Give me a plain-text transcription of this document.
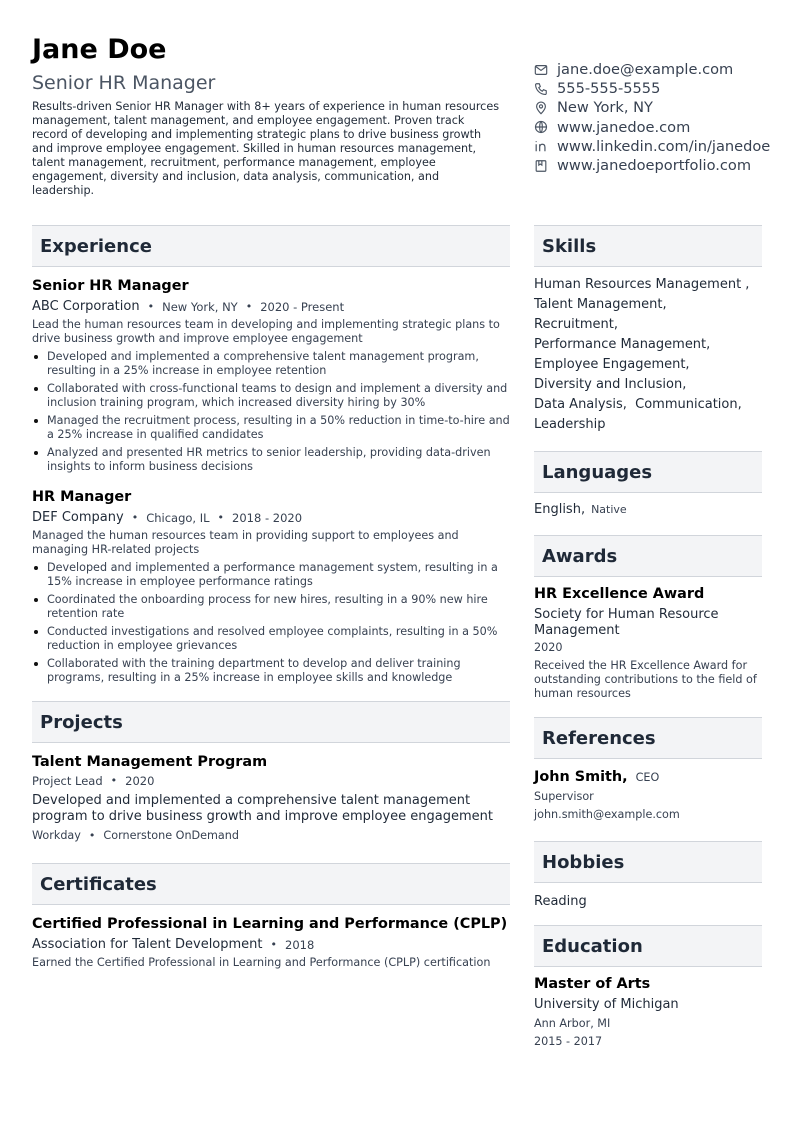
Jane Doe
Senior HR Manager
Results-driven Senior HR Manager with 8+ years of experience in human resources management, talent management, and employee engagement. Proven track record of developing and implementing strategic plans to drive business growth and improve employee engagement. Skilled in human resources management, talent management, recruitment, performance management, employee engagement, diversity and inclusion, data analysis, communication, and leadership.
jane.doe@example.com
555-555-5555
New York, NY
www.janedoe.com
www.linkedin.com/in/janedoe
www.janedoeportfolio.com
Experience
Senior HR Manager
ABC Corporation • New York, NY • 2020 - Present
Lead the human resources team in developing and implementing strategic plans to drive business growth and improve employee engagement
Developed and implemented a comprehensive talent management program, resulting in a 25% increase in employee retention
Collaborated with cross-functional teams to design and implement a diversity and inclusion training program, which increased diversity hiring by 30%
Managed the recruitment process, resulting in a 50% reduction in time-to-hire and a 25% increase in qualified candidates
Analyzed and presented HR metrics to senior leadership, providing data-driven insights to inform business decisions
HR Manager
DEF Company • Chicago, IL • 2018 - 2020
Managed the human resources team in providing support to employees and managing HR-related projects
Developed and implemented a performance management system, resulting in a 15% increase in employee performance ratings
Coordinated the onboarding process for new hires, resulting in a 90% new hire retention rate
Conducted investigations and resolved employee complaints, resulting in a 50% reduction in employee grievances
Collaborated with the training department to develop and deliver training programs, resulting in a 25% increase in employee skills and knowledge
Projects
Talent Management Program
Project Lead • 2020
Developed and implemented a comprehensive talent management program to drive business growth and improve employee engagement
Workday • Cornerstone OnDemand
Certificates
Certified Professional in Learning and Performance (CPLP)
Association for Talent Development • 2018
Earned the Certified Professional in Learning and Performance (CPLP) certification
Skills
Human Resources Management ,
Talent Management,
Recruitment,
Performance Management,
Employee Engagement,
Diversity and Inclusion,
Data Analysis, Communication,
Leadership
Languages
English, Native
Awards
HR Excellence Award
Society for Human Resource Management
2020
Received the HR Excellence Award for outstanding contributions to the field of human resources
References
John Smith, CEO
Supervisor
john.smith@example.com
Hobbies
Reading
Education
Master of Arts
University of Michigan
Ann Arbor, MI
2015 - 2017
